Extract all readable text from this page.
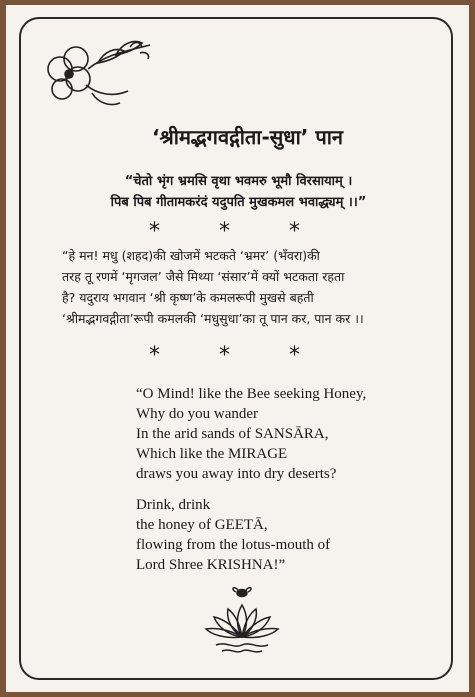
‘श्रीमद्भगवद्गीता-सुधा’ पान
“चेतो भृंग भ्रमसि वृथा भवमरु भूमौ विरसायाम् ।
पिब पिब गीतामकरंदं यदुपति मुखकमल भवाद्ध्यम् ।।”
* * *
“हे मन! मधु (शहद)की खोजमें भटकते ‘भ्रमर’ (भँवरा)की
तरह तू रणमें ‘मृगजल’ जैसे मिथ्या ‘संसार’में क्यों भटकता रहता
है? यदुराय भगवान ‘श्री कृष्ण’के कमलरूपी मुखसे बहती
‘श्रीमद्भगवद्गीता’रूपी कमलकी ‘मधुसुधा’का तू पान कर, पान कर ।।
* * *
“O Mind! like the Bee seeking Honey,
Why do you wander
In the arid sands of SANSĀRA,
Which like the MIRAGE
draws you away into dry deserts?
Drink, drink
the honey of GEETĀ,
flowing from the lotus-mouth of
Lord Shree KRISHNA!”
